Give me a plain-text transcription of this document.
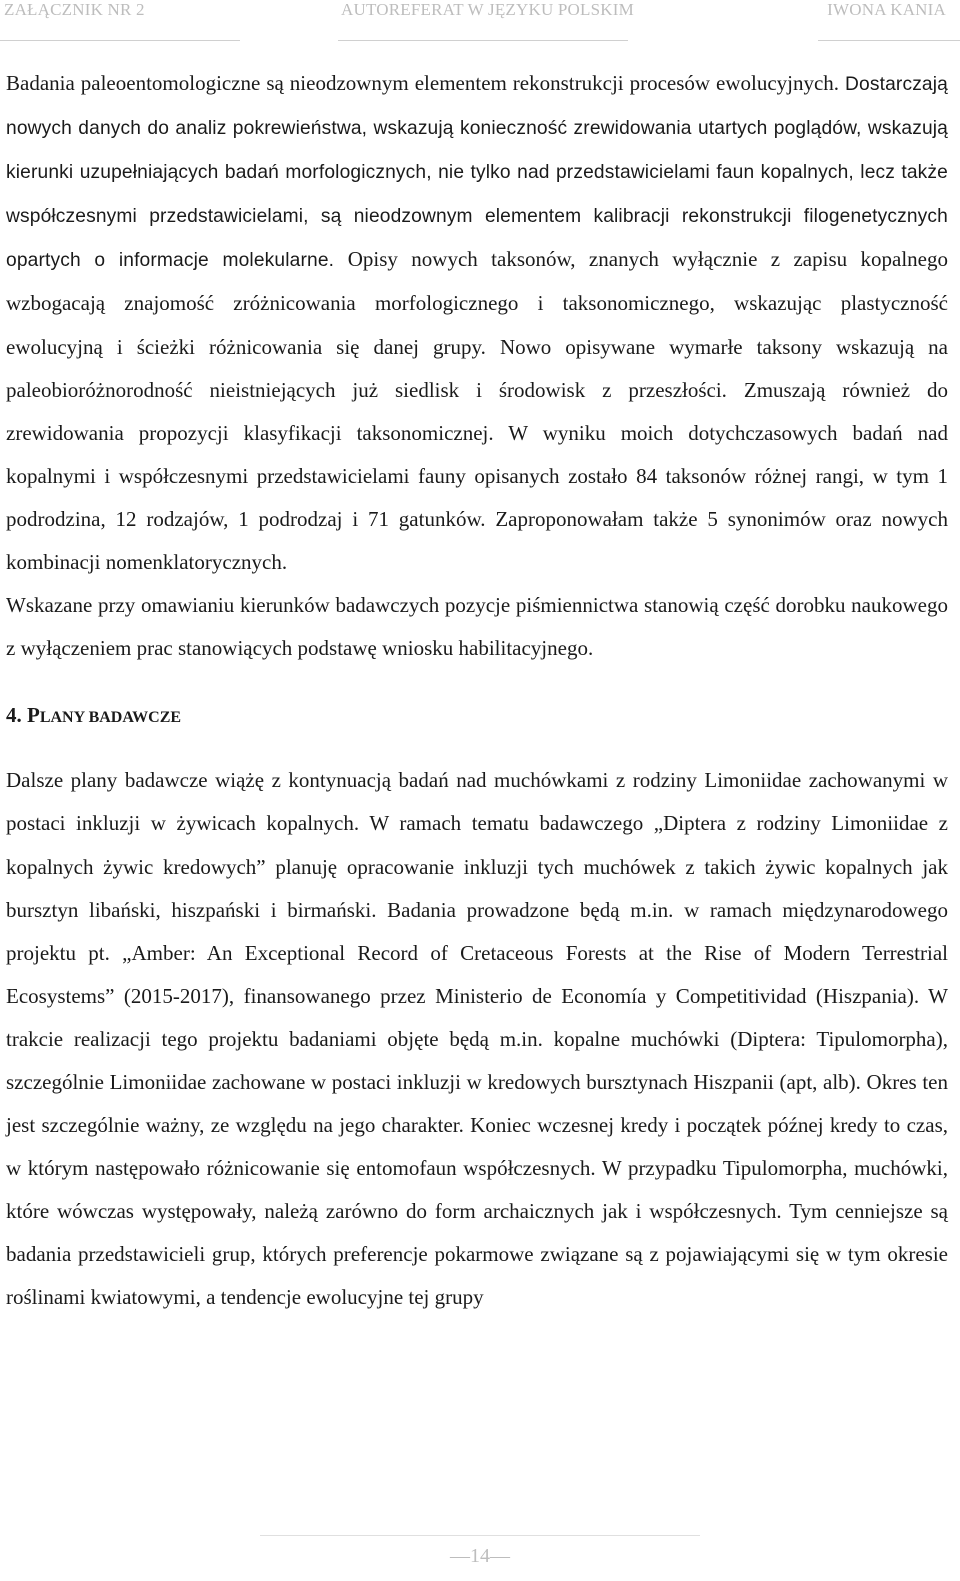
ZAŁĄCZNIK NR 2	AUTOREFERAT W JĘZYKU POLSKIM	IWONA KANIA

Badania paleoentomologiczne są nieodzownym elementem rekonstrukcji procesów ewolucyjnych. Dostarczają nowych danych do analiz pokrewieństwa, wskazują konieczność zrewidowania utartych poglądów, wskazują kierunki uzupełniających badań morfologicznych, nie tylko nad przedstawicielami faun kopalnych, lecz także współczesnymi przedstawicielami, są nieodzownym elementem kalibracji rekonstrukcji filogenetycznych opartych o informacje molekularne. Opisy nowych taksonów, znanych wyłącznie z zapisu kopalnego wzbogacają znajomość zróżnicowania morfologicznego i taksonomicznego, wskazując plastyczność ewolucyjną i ścieżki różnicowania się danej grupy. Nowo opisywane wymarłe taksony wskazują na paleobioróżnorodność nieistniejących już siedlisk i środowisk z przeszłości. Zmuszają również do zrewidowania propozycji klasyfikacji taksonomicznej. W wyniku moich dotychczasowych badań nad kopalnymi i współczesnymi przedstawicielami fauny opisanych zostało 84 taksonów różnej rangi, w tym 1 podrodzina, 12 rodzajów, 1 podrodzaj i 71 gatunków. Zaproponowałam także 5 synonimów oraz nowych kombinacji nomenklatorycznych.

Wskazane przy omawianiu kierunków badawczych pozycje piśmiennictwa stanowią część dorobku naukowego z wyłączeniem prac stanowiących podstawę wniosku habilitacyjnego.

4. PLANY BADAWCZE

Dalsze plany badawcze wiążę z kontynuacją badań nad muchówkami z rodziny Limoniidae zachowanymi w postaci inkluzji w żywicach kopalnych. W ramach tematu badawczego „Diptera z rodziny Limoniidae z kopalnych żywic kredowych” planuję opracowanie inkluzji tych muchówek z takich żywic kopalnych jak bursztyn libański, hiszpański i birmański. Badania prowadzone będą m.in. w ramach międzynarodowego projektu pt. „Amber: An Exceptional Record of Cretaceous Forests at the Rise of Modern Terrestrial Ecosystems” (2015-2017), finansowanego przez Ministerio de Economía y Competitividad (Hiszpania). W trakcie realizacji tego projektu badaniami objęte będą m.in. kopalne muchówki (Diptera: Tipulomorpha), szczególnie Limoniidae zachowane w postaci inkluzji w kredowych bursztynach Hiszpanii (apt, alb). Okres ten jest szczególnie ważny, ze względu na jego charakter. Koniec wczesnej kredy i początek późnej kredy to czas, w którym następowało różnicowanie się entomofaun współczesnych. W przypadku Tipulomorpha, muchówki, które wówczas występowały, należą zarówno do form archaicznych jak i współczesnych. Tym cenniejsze są badania przedstawicieli grup, których preferencje pokarmowe związane są z pojawiającymi się w tym okresie roślinami kwiatowymi, a tendencje ewolucyjne tej grupy

—14—
